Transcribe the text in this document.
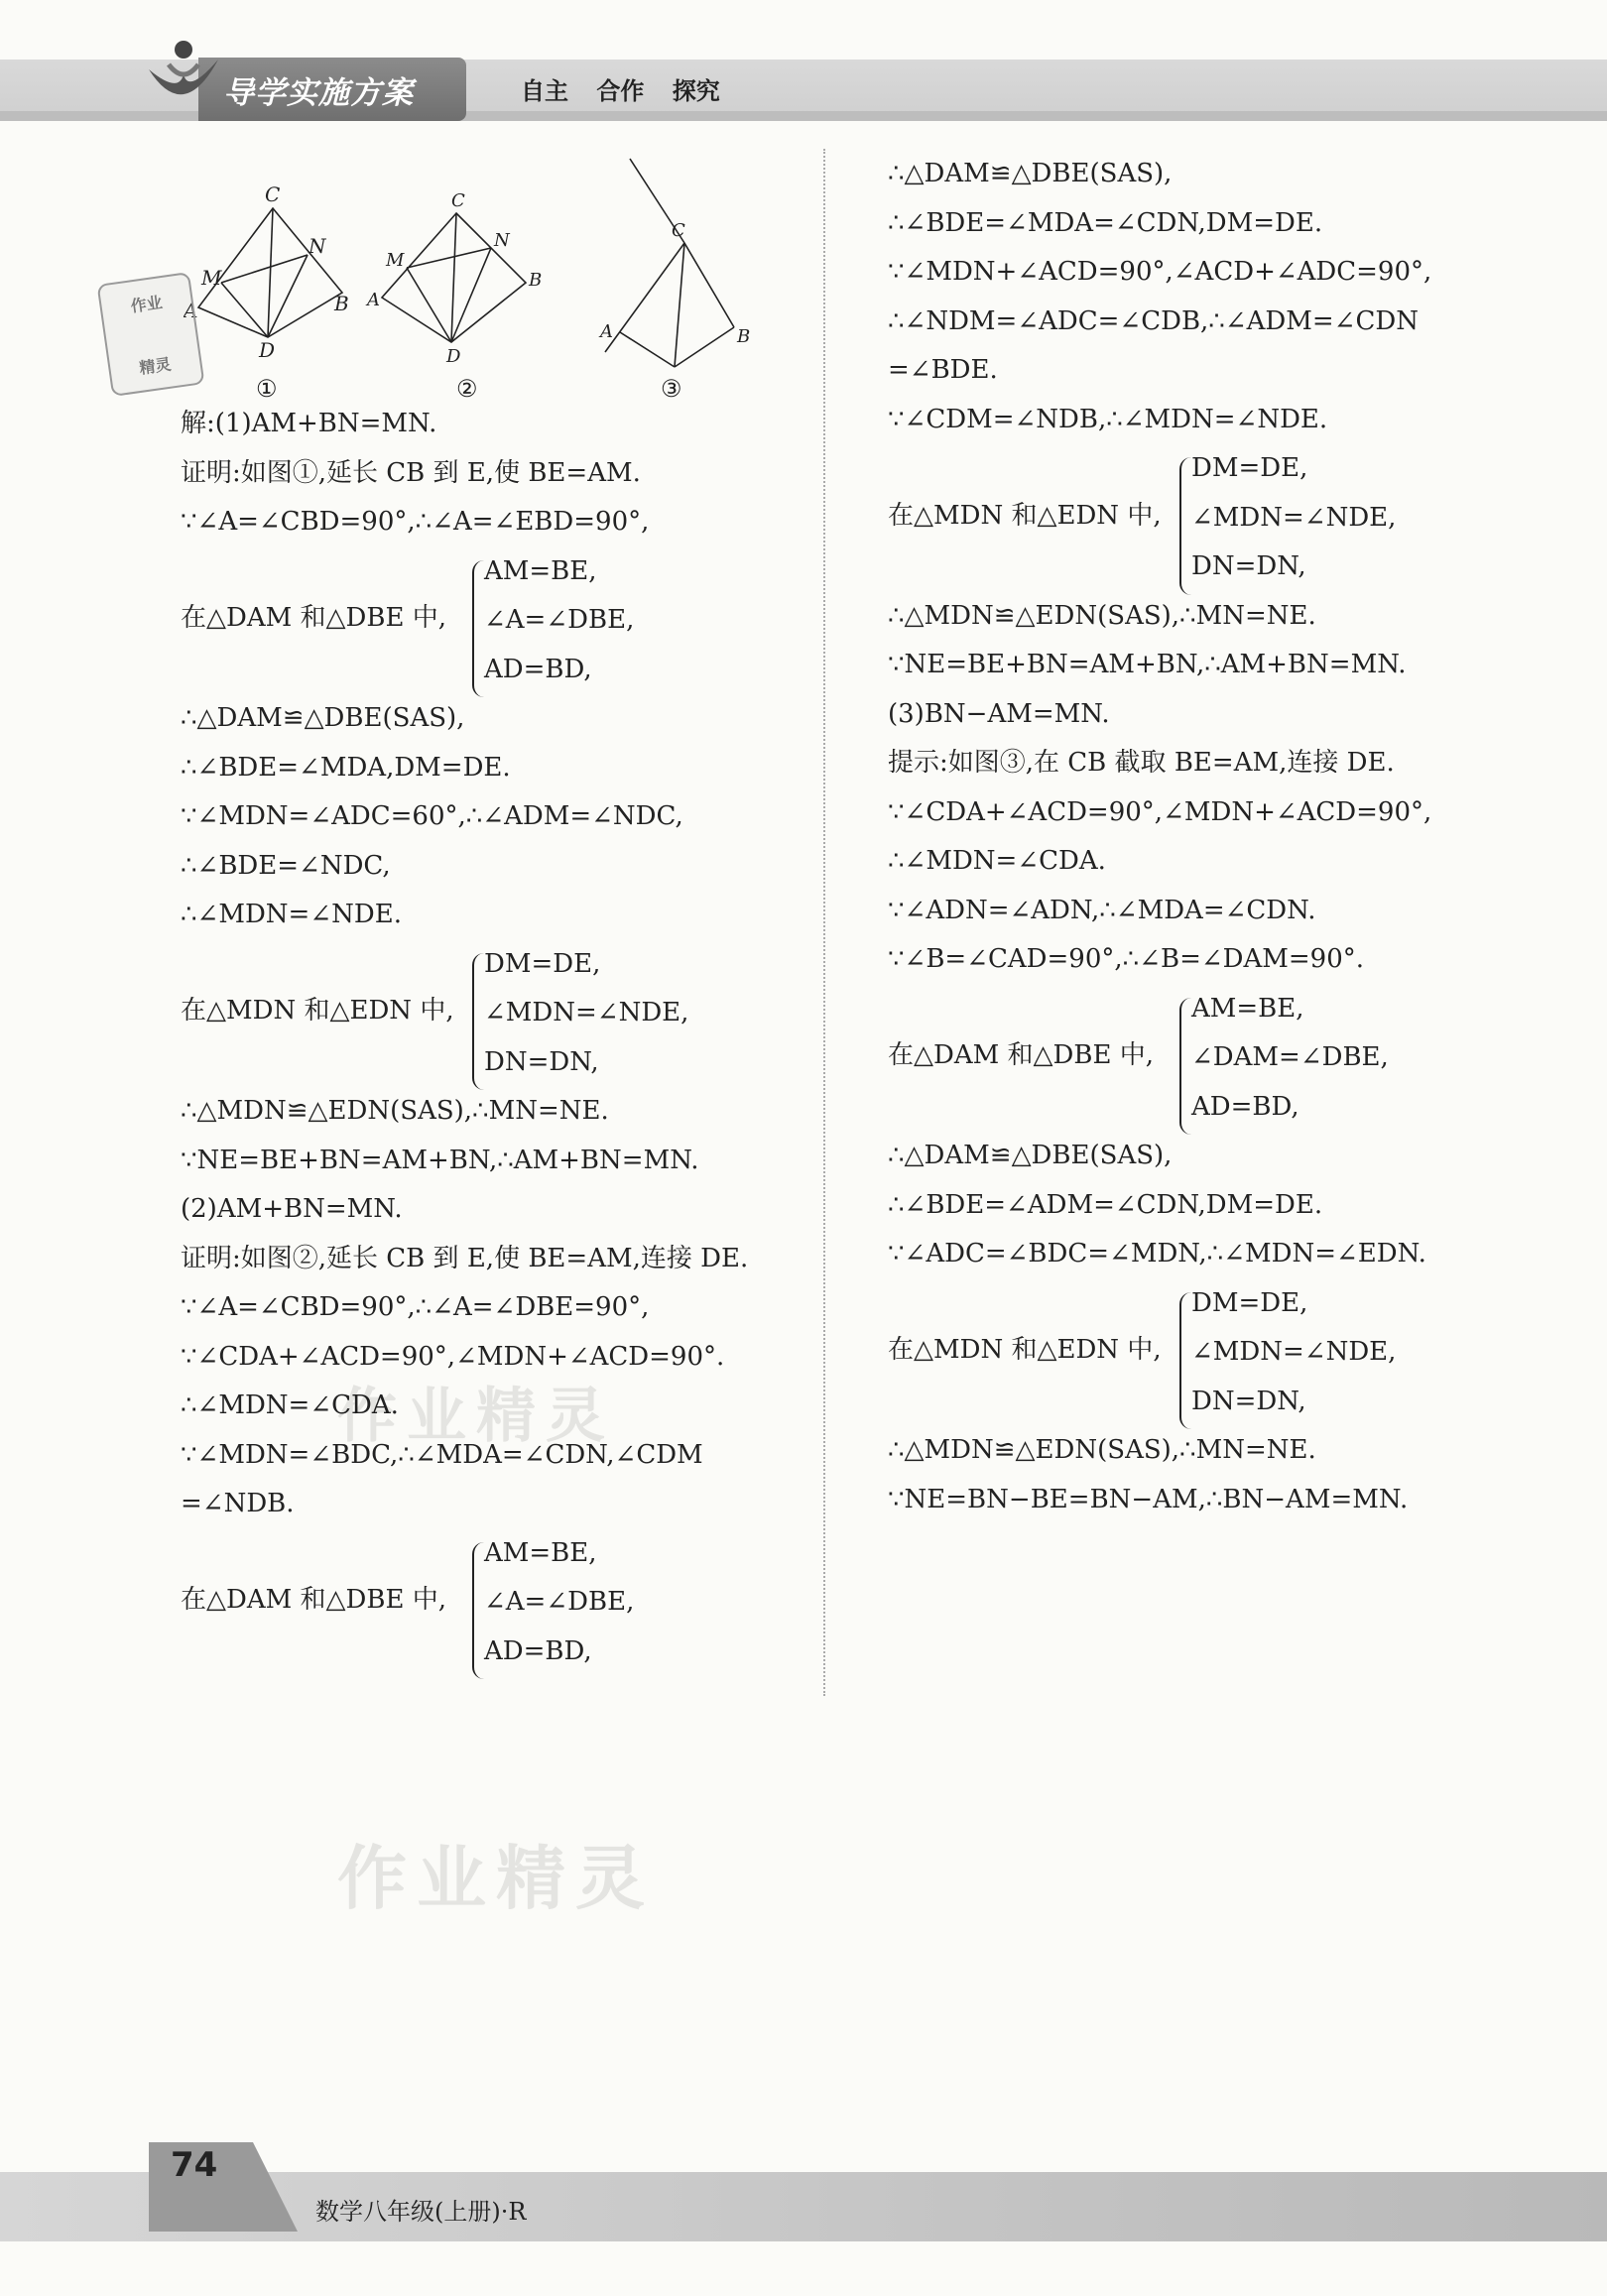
导学实施方案	自主 合作 探究
C
N
M
A	B
D
①
C
N
M
A
B
D
②
C
B
A
③
作业
精灵
解:(1)AM+BN=MN.
证明:如图①,延长 CB 到 E,使 BE=AM.
∵∠A=∠CBD=90°,∴∠A=∠EBD=90°,
在△DAM 和△DBE 中,
AM=BE,
∠A=∠DBE,
AD=BD,
∴△DAM≌△DBE(SAS),
∴∠BDE=∠MDA,DM=DE.
∵∠MDN=∠ADC=60°,∴∠ADM=∠NDC,
∴∠BDE=∠NDC,
∴∠MDN=∠NDE.
在△MDN 和△EDN 中,
DM=DE,
∠MDN=∠NDE,
DN=DN,
∴△MDN≌△EDN(SAS),∴MN=NE.
∵NE=BE+BN=AM+BN,∴AM+BN=MN.
(2)AM+BN=MN.
证明:如图②,延长 CB 到 E,使 BE=AM,连接 DE.
∵∠A=∠CBD=90°,∴∠A=∠DBE=90°,
∵∠CDA+∠ACD=90°,∠MDN+∠ACD=90°.
∴∠MDN=∠CDA.
∵∠MDN=∠BDC,∴∠MDA=∠CDN,∠CDM
=∠NDB.
在△DAM 和△DBE 中,
AM=BE,
∠A=∠DBE,
AD=BD,
∴△DAM≌△DBE(SAS),
∴∠BDE=∠MDA=∠CDN,DM=DE.
∵∠MDN+∠ACD=90°,∠ACD+∠ADC=90°,
∴∠NDM=∠ADC=∠CDB,∴∠ADM=∠CDN
=∠BDE.
∵∠CDM=∠NDB,∴∠MDN=∠NDE.
在△MDN 和△EDN 中,
DM=DE,
∠MDN=∠NDE,
DN=DN,
∴△MDN≌△EDN(SAS),∴MN=NE.
∵NE=BE+BN=AM+BN,∴AM+BN=MN.
(3)BN−AM=MN.
提示:如图③,在 CB 截取 BE=AM,连接 DE.
∵∠CDA+∠ACD=90°,∠MDN+∠ACD=90°,
∴∠MDN=∠CDA.
∵∠ADN=∠ADN,∴∠MDA=∠CDN.
∵∠B=∠CAD=90°,∴∠B=∠DAM=90°.
在△DAM 和△DBE 中,
AM=BE,
∠DAM=∠DBE,
AD=BD,
∴△DAM≌△DBE(SAS),
∴∠BDE=∠ADM=∠CDN,DM=DE.
∵∠ADC=∠BDC=∠MDN,∴∠MDN=∠EDN.
在△MDN 和△EDN 中,
DM=DE,
∠MDN=∠NDE,
DN=DN,
∴△MDN≌△EDN(SAS),∴MN=NE.
∵NE=BN−BE=BN−AM,∴BN−AM=MN.
作业精灵
作业精灵
74
数学八年级(上册)·R
